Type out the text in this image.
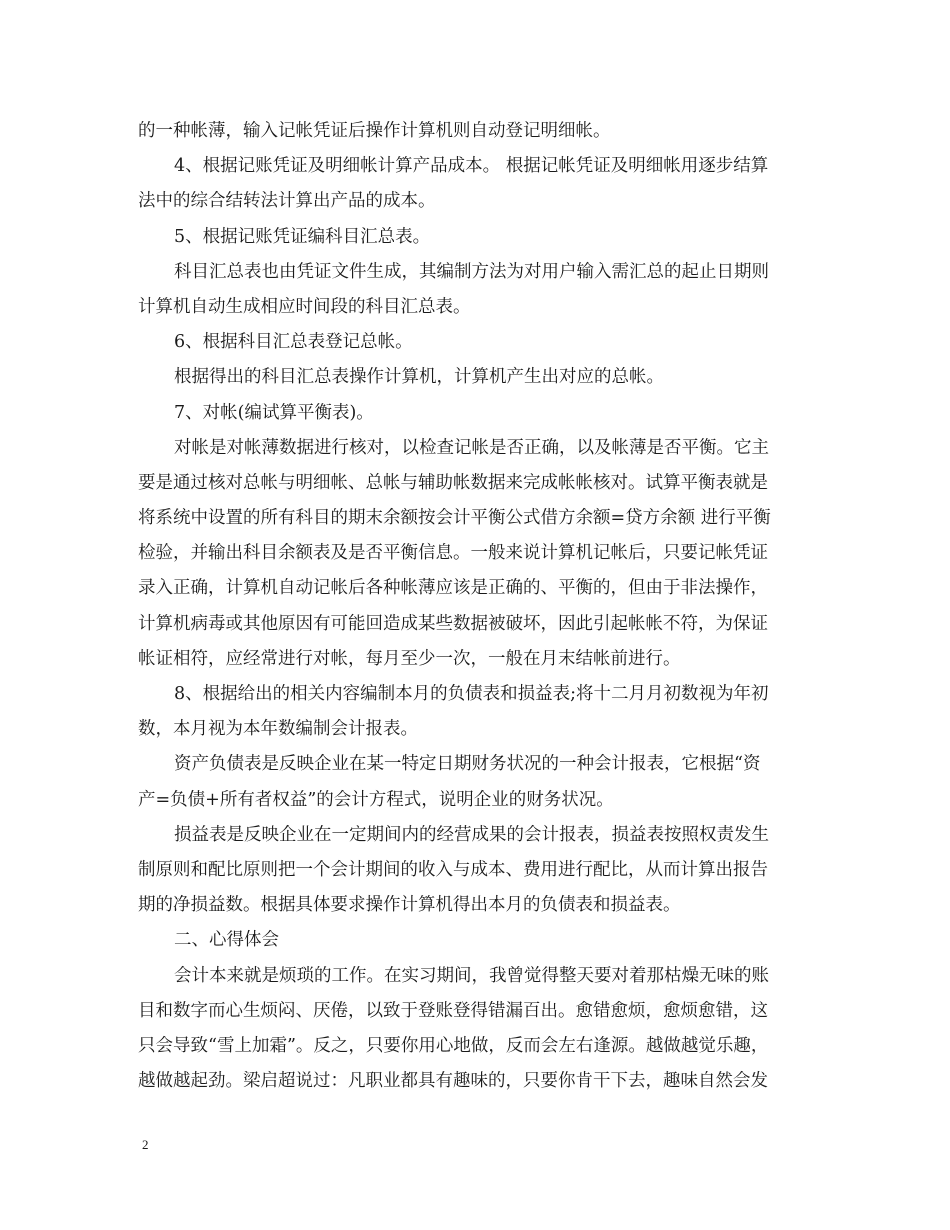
的一种帐薄，输入记帐凭证后操作计算机则自动登记明细帐。
4、根据记账凭证及明细帐计算产品成本。 根据记帐凭证及明细帐用逐步结算
法中的综合结转法计算出产品的成本。
5、根据记账凭证编科目汇总表。
科目汇总表也由凭证文件生成，其编制方法为对用户输入需汇总的起止日期则
计算机自动生成相应时间段的科目汇总表。
6、根据科目汇总表登记总帐。
根据得出的科目汇总表操作计算机，计算机产生出对应的总帐。
7、对帐(编试算平衡表)。
对帐是对帐薄数据进行核对，以检查记帐是否正确，以及帐薄是否平衡。它主
要是通过核对总帐与明细帐、总帐与辅助帐数据来完成帐帐核对。试算平衡表就是
将系统中设置的所有科目的期末余额按会计平衡公式借方余额=贷方余额 进行平衡
检验，并输出科目余额表及是否平衡信息。一般来说计算机记帐后，只要记帐凭证
录入正确，计算机自动记帐后各种帐薄应该是正确的、平衡的，但由于非法操作，
计算机病毒或其他原因有可能回造成某些数据被破坏，因此引起帐帐不符，为保证
帐证相符，应经常进行对帐，每月至少一次，一般在月末结帐前进行。
8、根据给出的相关内容编制本月的负债表和损益表;将十二月月初数视为年初
数，本月视为本年数编制会计报表。
资产负债表是反映企业在某一特定日期财务状况的一种会计报表，它根据“资
产=负债+所有者权益”的会计方程式，说明企业的财务状况。
损益表是反映企业在一定期间内的经营成果的会计报表，损益表按照权责发生
制原则和配比原则把一个会计期间的收入与成本、费用进行配比，从而计算出报告
期的净损益数。根据具体要求操作计算机得出本月的负债表和损益表。
二、心得体会
会计本来就是烦琐的工作。在实习期间，我曾觉得整天要对着那枯燥无味的账
目和数字而心生烦闷、厌倦，以致于登账登得错漏百出。愈错愈烦，愈烦愈错，这
只会导致“雪上加霜”。反之，只要你用心地做，反而会左右逢源。越做越觉乐趣，
越做越起劲。梁启超说过：凡职业都具有趣味的，只要你肯干下去，趣味自然会发
2
